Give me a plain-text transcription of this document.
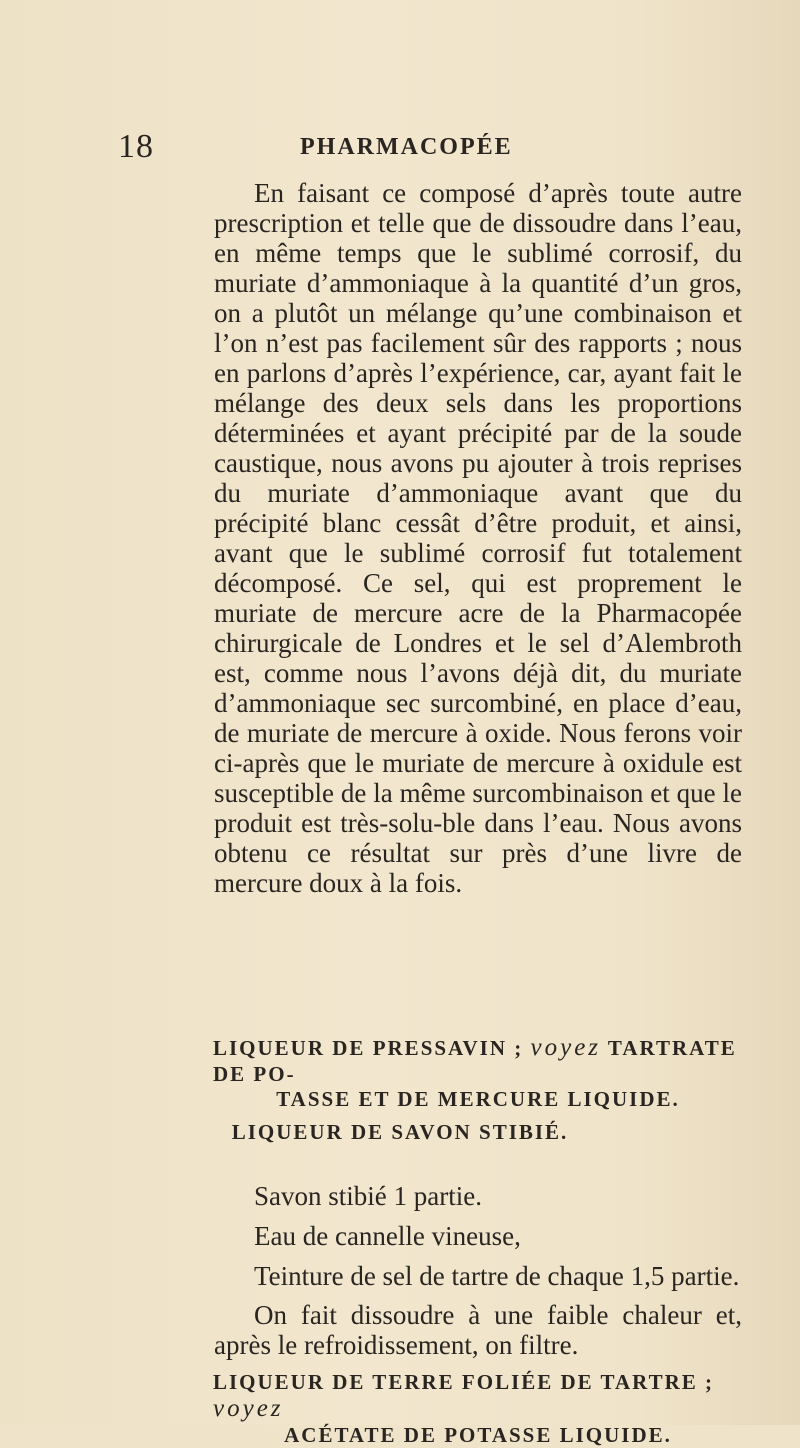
18	PHARMACOPÉE

En faisant ce composé d’après toute autre prescription et telle que de dissoudre dans l’eau, en même temps que le sublimé corrosif, du muriate d’ammoniaque à la quantité d’un gros, on a plutôt un mélange qu’une combinaison et l’on n’est pas facilement sûr des rapports ; nous en parlons d’après l’expérience, car, ayant fait le mélange des deux sels dans les proportions déterminées et ayant précipité par de la soude caustique, nous avons pu ajouter à trois reprises du muriate d’ammoniaque avant que du précipité blanc cessât d’être produit, et ainsi, avant que le sublimé corrosif fut totalement décomposé. Ce sel, qui est proprement le muriate de mercure acre de la Pharmacopée chirurgicale de Londres et le sel d’Alembroth est, comme nous l’avons déjà dit, du muriate d’ammoniaque sec surcombiné, en place d’eau, de muriate de mercure à oxide. Nous ferons voir ci-après que le muriate de mercure à oxidule est susceptible de la même surcombinaison et que le produit est très-solu-ble dans l’eau. Nous avons obtenu ce résultat sur près d’une livre de mercure doux à la fois.

LIQUEUR DE PRESSAVIN ; voyez TARTRATE DE PO-
TASSE ET DE MERCURE LIQUIDE.
LIQUEUR DE SAVON STIBIÉ.
Savon stibié 1 partie.
Eau de cannelle vineuse,
Teinture de sel de tartre de chaque 1,5 partie.

On fait dissoudre à une faible chaleur et, après le refroidissement, on filtre.

LIQUEUR DE TERRE FOLIÉE DE TARTRE ; voyez
ACÉTATE DE POTASSE LIQUIDE.
